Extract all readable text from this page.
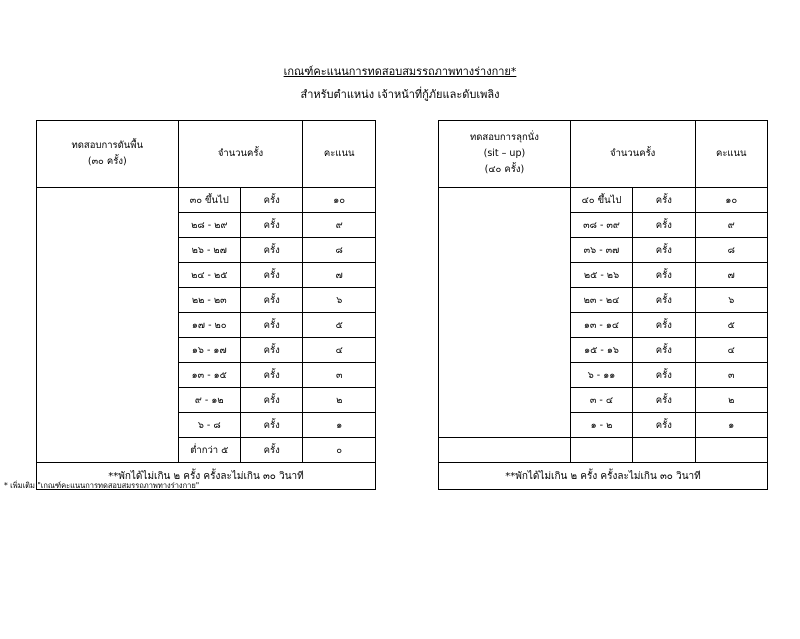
เกณฑ์คะแนนการทดสอบสมรรถภาพทางร่างกาย*
สำหรับตำแหน่ง เจ้าหน้าที่กู้ภัยและดับเพลิง
ทดสอบการดันพื้น
(๓๐ ครั้ง)	จำนวนครั้ง		คะแนน
	๓๐ ขึ้นไป	ครั้ง	๑๐
	๒๘ - ๒๙	ครั้ง	๙
	๒๖ - ๒๗	ครั้ง	๘
	๒๔ - ๒๕	ครั้ง	๗
	๒๒ - ๒๓	ครั้ง	๖
	๑๗ - ๒๐	ครั้ง	๕
	๑๖ - ๑๗	ครั้ง	๔
	๑๓ - ๑๕	ครั้ง	๓
	๙ - ๑๒	ครั้ง	๒
	๖ - ๘	ครั้ง	๑
	ต่ำกว่า ๕	ครั้ง	๐
**พักได้ไม่เกิน ๒ ครั้ง ครั้งละไม่เกิน ๓๐ วินาที			
ทดสอบการลุกนั่ง
(sit – up)
(๔๐ ครั้ง)	จำนวนครั้ง		คะแนน
	๔๐ ขึ้นไป	ครั้ง	๑๐
	๓๘ - ๓๙	ครั้ง	๙
	๓๖ - ๓๗	ครั้ง	๘
	๒๕ - ๒๖	ครั้ง	๗
	๒๓ - ๒๔	ครั้ง	๖
	๑๓ - ๑๔	ครั้ง	๕
	๑๕ - ๑๖	ครั้ง	๔
	๖ - ๑๑	ครั้ง	๓
	๓ - ๔	ครั้ง	๒
	๑ - ๒	ครั้ง	๑

**พักได้ไม่เกิน ๒ ครั้ง ครั้งละไม่เกิน ๓๐ วินาที			
* เพิ่มเติม "เกณฑ์คะแนนการทดสอบสมรรถภาพทางร่างกาย"
